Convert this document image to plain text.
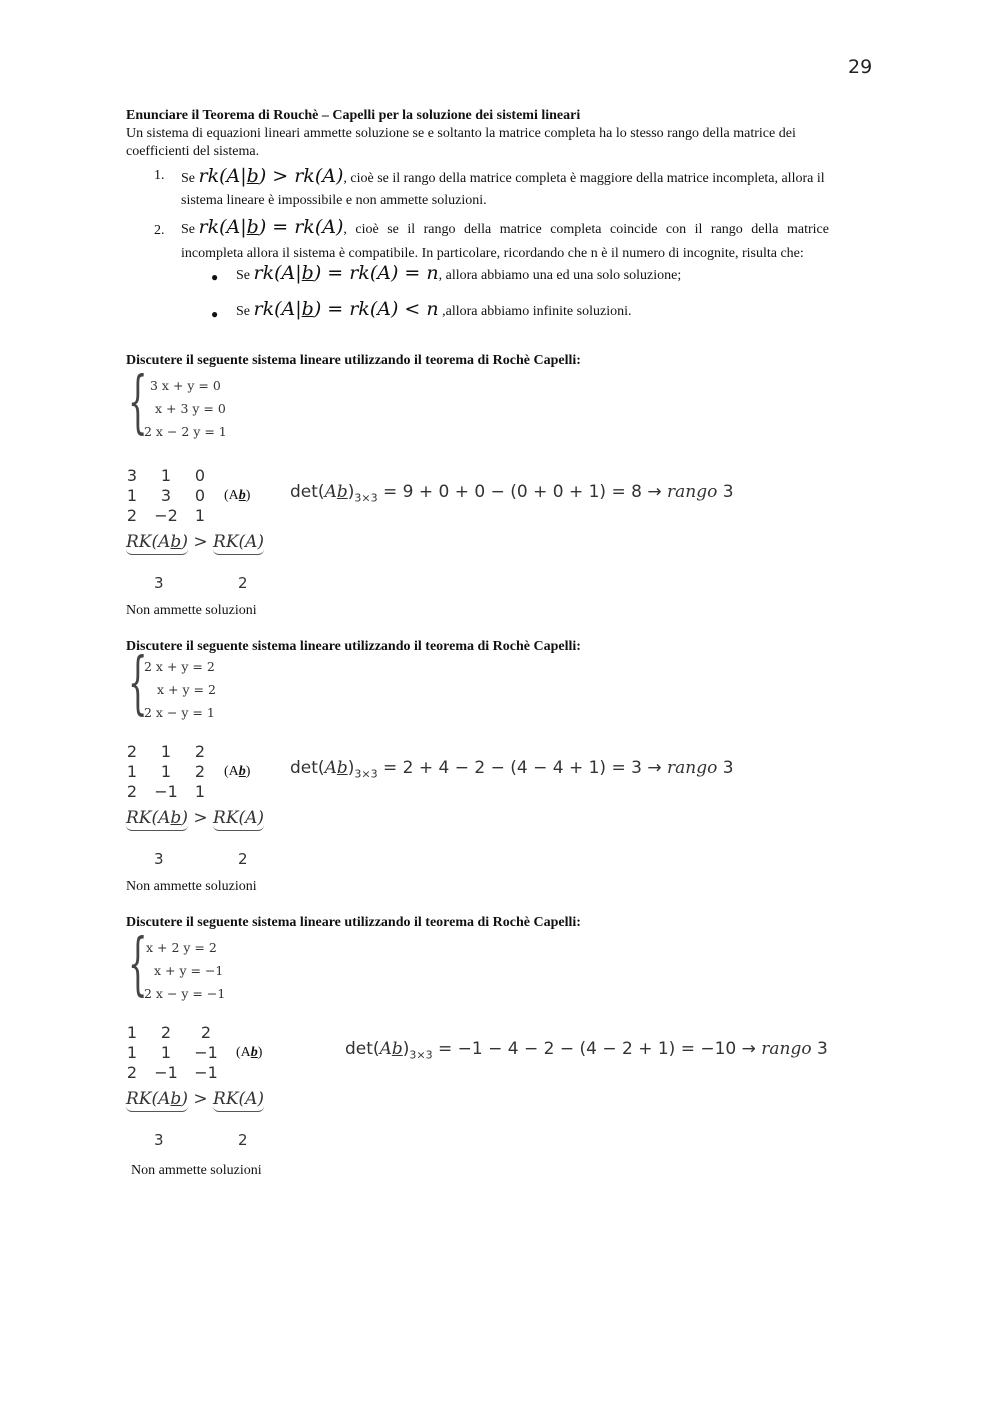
29
Enunciare il Teorema di Rouchè – Capelli per la soluzione dei sistemi lineari
Un sistema di equazioni lineari ammette soluzione se e soltanto la matrice completa ha lo stesso rango della matrice dei
coefficienti del sistema.
1. Se rk(A|b) > rk(A), cioè se il rango della matrice completa è maggiore della matrice incompleta, allora il
sistema lineare è impossibile e non ammette soluzioni.
2. Se rk(A|b) = rk(A), cioè se il rango della matrice completa coincide con il rango della matrice
incompleta allora il sistema è compatibile. In particolare, ricordando che n è il numero di incognite, risulta che:
● Se rk(A|b) = rk(A) = n, allora abbiamo una ed una solo soluzione;
● Se rk(A|b) = rk(A) < n ,allora abbiamo infinite soluzioni.
Discutere il seguente sistema lineare utilizzando il teorema di Rochè Capelli:
{ 3 x + y = 0
x + 3 y = 0
2 x − 2 y = 1
3	1	0
1	3	0
2	−2	1
(Ab) $\det(Ab)_{3\times 3} = 9 + 0 + 0 - (0 + 0 + 1) = 8$ → rango 3
RK(Ab) > RK(A)
3	2
Non ammette soluzioni
Discutere il seguente sistema lineare utilizzando il teorema di Rochè Capelli:
{
2 x + y = 2
x + y = 2
2 x − y = 1
2	1	2
1	1	2
2	−1	1
(Ab) $\det(Ab)_{3\times 3} = 2 + 4 - 2 - (4 - 4 + 1) = 3$ → rango 3
RK(Ab) > RK(A)
3	2
Non ammette soluzioni
Discutere il seguente sistema lineare utilizzando il teorema di Rochè Capelli:
{
x + 2 y = 2
x + y = −1
2 x − y = −1
1	2	2
1	1	−1
2	−1	−1
(Ab)	$\det(Ab)_{3\times 3} = -1 - 4 - 2 - (4 - 2 + 1) = -10$ → rango 3
RK(Ab) > RK(A)
3	2
Non ammette soluzioni
